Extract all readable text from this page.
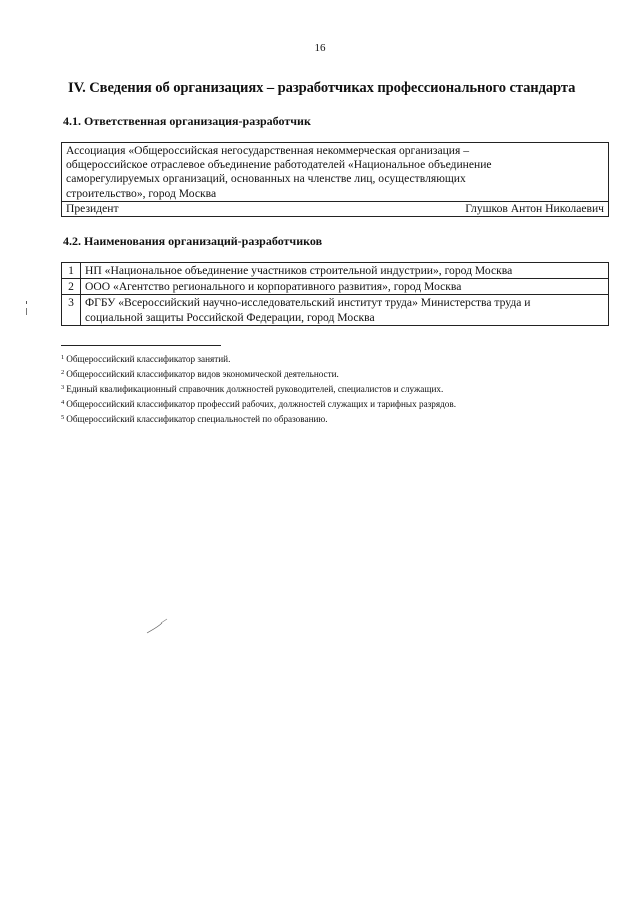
16
IV. Сведения об организациях – разработчиках профессионального стандарта
4.1. Ответственная организация-разработчик
Ассоциация «Общероссийская негосударственная некоммерческая организация –
общероссийское отраслевое объединение работодателей «Национальное объединение
саморегулируемых организаций, основанных на членстве лиц, осуществляющих
строительство», город Москва

Президент	Глушков Антон Николаевич
4.2. Наименования организаций-разработчиков
1	НП «Национальное объединение участников строительной индустрии», город Москва

2	ООО «Агентство регионального и корпоративного развития», город Москва

3	ФГБУ «Всероссийский научно-исследовательский институт труда» Министерства труда и
социальной защиты Российской Федерации, город Москва
$^1$ Общероссийский классификатор занятий.
$^2$ Общероссийский классификатор видов экономической деятельности.
$^3$ Единый квалификационный справочник должностей руководителей, специалистов и служащих.
$^4$ Общероссийский классификатор профессий рабочих, должностей служащих и тарифных разрядов.
$^5$ Общероссийский классификатор специальностей по образованию.
